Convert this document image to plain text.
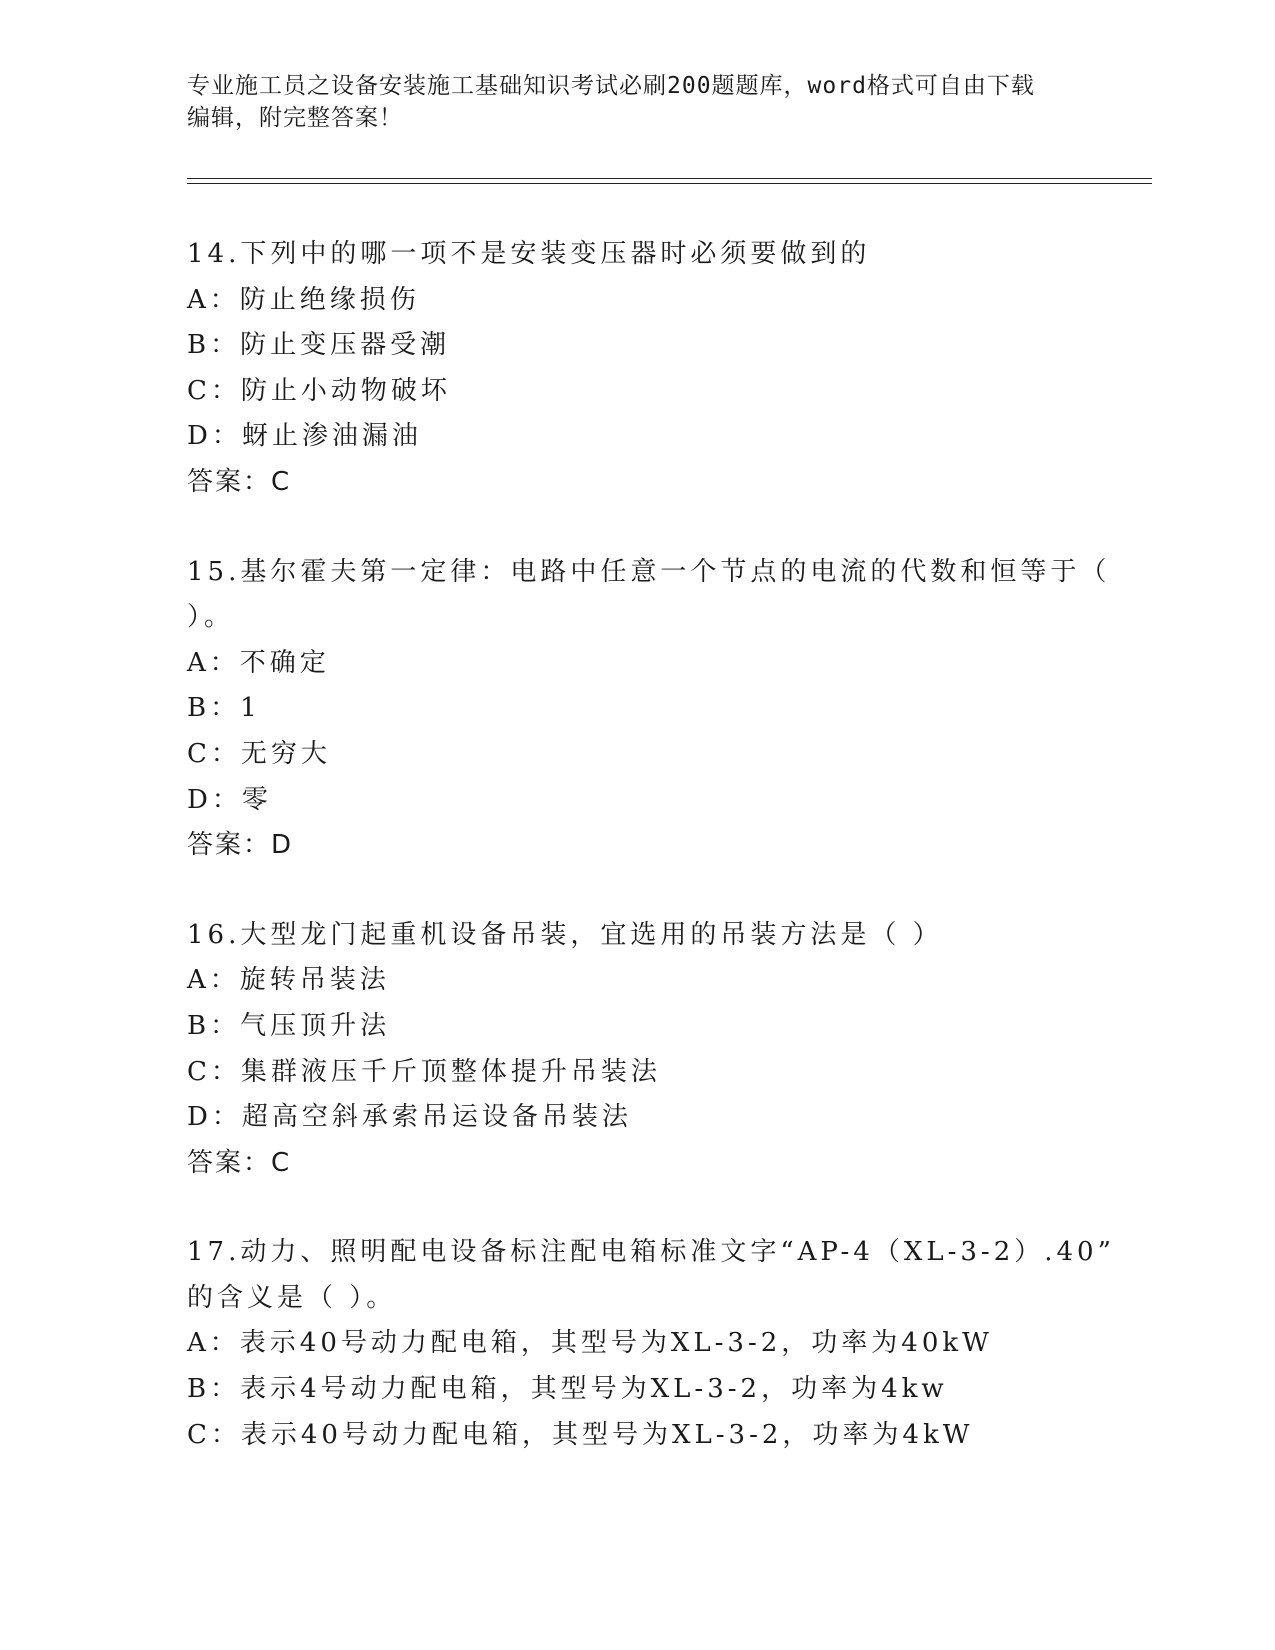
专业施工员之设备安装施工基础知识考试必刷200题题库，word格式可自由下载
编辑，附完整答案！
14.下列中的哪一项不是安装变压器时必须要做到的
A：防止绝缘损伤
B：防止变压器受潮
C：防止小动物破坏
D：蚜止渗油漏油
答案：C
15.基尔霍夫第一定律：电路中任意一个节点的电流的代数和恒等于（
）。
A：不确定
B：1
C：无穷大
D：零
答案：D
16.大型龙门起重机设备吊装，宜选用的吊装方法是（ ）
A：旋转吊装法
B：气压顶升法
C：集群液压千斤顶整体提升吊装法
D：超高空斜承索吊运设备吊装法
答案：C
17.动力、照明配电设备标注配电箱标准文字“AP-4（XL-3-2）.40”
的含义是（ ）。
A：表示40号动力配电箱，其型号为XL-3-2，功率为40kW
B：表示4号动力配电箱，其型号为XL-3-2，功率为4kw
C：表示40号动力配电箱，其型号为XL-3-2，功率为4kW
